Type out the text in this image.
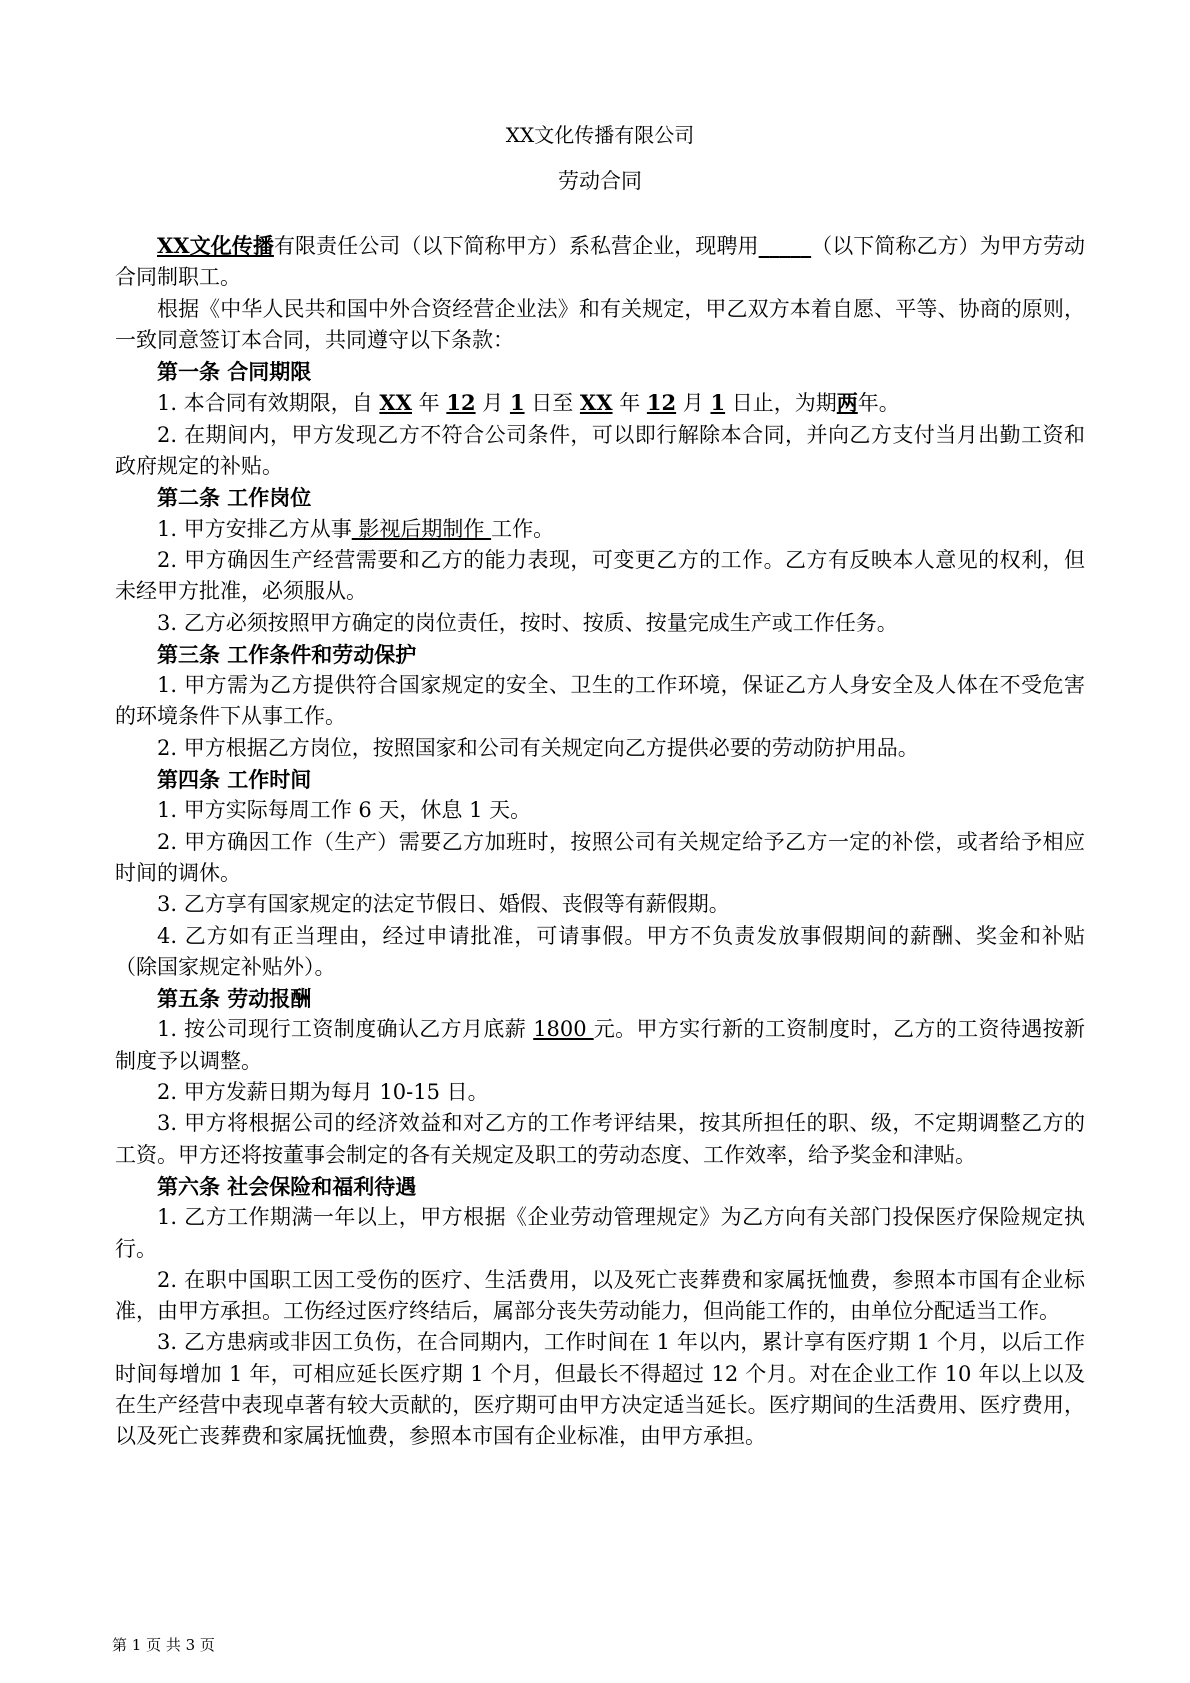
XX文化传播有限公司
劳动合同

XX文化传播有限责任公司（以下简称甲方）系私营企业，现聘用_____（以下简称乙方）为甲方劳动合同制职工。

根据《中华人民共和国中外合资经营企业法》和有关规定，甲乙双方本着自愿、平等、协商的原则，一致同意签订本合同，共同遵守以下条款：

第一条 合同期限

1. 本合同有效期限，自 XX 年 12 月 1 日至 XX 年 12 月 1 日止，为期两年。

2. 在期间内，甲方发现乙方不符合公司条件，可以即行解除本合同，并向乙方支付当月出勤工资和政府规定的补贴。

第二条 工作岗位

1. 甲方安排乙方从事 影视后期制作 工作。

2. 甲方确因生产经营需要和乙方的能力表现，可变更乙方的工作。乙方有反映本人意见的权利，但未经甲方批准，必须服从。

3. 乙方必须按照甲方确定的岗位责任，按时、按质、按量完成生产或工作任务。

第三条 工作条件和劳动保护

1. 甲方需为乙方提供符合国家规定的安全、卫生的工作环境，保证乙方人身安全及人体在不受危害的环境条件下从事工作。

2. 甲方根据乙方岗位，按照国家和公司有关规定向乙方提供必要的劳动防护用品。

第四条 工作时间

1. 甲方实际每周工作 6 天，休息 1 天。

2. 甲方确因工作（生产）需要乙方加班时，按照公司有关规定给予乙方一定的补偿，或者给予相应时间的调休。

3. 乙方享有国家规定的法定节假日、婚假、丧假等有薪假期。

4. 乙方如有正当理由，经过申请批准，可请事假。甲方不负责发放事假期间的薪酬、奖金和补贴（除国家规定补贴外）。

第五条 劳动报酬

1. 按公司现行工资制度确认乙方月底薪 1800 元。甲方实行新的工资制度时，乙方的工资待遇按新制度予以调整。

2. 甲方发薪日期为每月 10-15 日。

3. 甲方将根据公司的经济效益和对乙方的工作考评结果，按其所担任的职、级，不定期调整乙方的工资。甲方还将按董事会制定的各有关规定及职工的劳动态度、工作效率，给予奖金和津贴。

第六条 社会保险和福利待遇

1. 乙方工作期满一年以上，甲方根据《企业劳动管理规定》为乙方向有关部门投保医疗保险规定执行。

2. 在职中国职工因工受伤的医疗、生活费用，以及死亡丧葬费和家属抚恤费，参照本市国有企业标准，由甲方承担。工伤经过医疗终结后，属部分丧失劳动能力，但尚能工作的，由单位分配适当工作。

3. 乙方患病或非因工负伤，在合同期内，工作时间在 1 年以内，累计享有医疗期 1 个月，以后工作时间每增加 1 年，可相应延长医疗期 1 个月，但最长不得超过 12 个月。对在企业工作 10 年以上以及在生产经营中表现卓著有较大贡献的，医疗期可由甲方决定适当延长。医疗期间的生活费用、医疗费用，以及死亡丧葬费和家属抚恤费，参照本市国有企业标准，由甲方承担。

第 1 页 共 3 页
